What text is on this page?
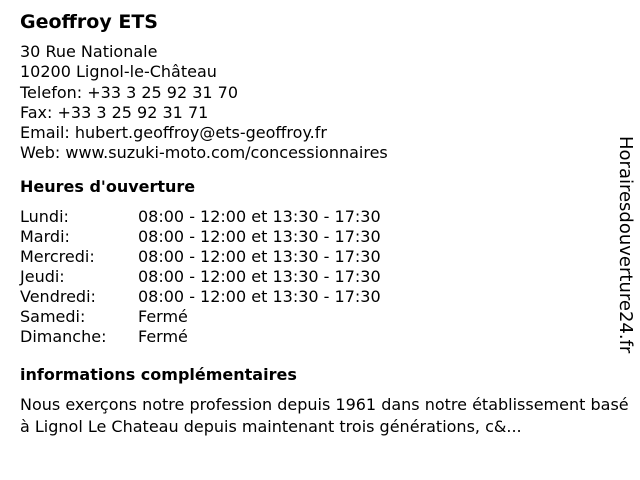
Geoffroy ETS
30 Rue Nationale
10200 Lignol-le-Château
Telefon: +33 3 25 92 31 70
Fax: +33 3 25 92 31 71
Email: hubert.geoffroy@ets-geoffroy.fr
Web: www.suzuki-moto.com/concessionnaires
Heures d'ouverture
Lundi:	08:00 - 12:00 et 13:30 - 17:30
Mardi:	08:00 - 12:00 et 13:30 - 17:30
Mercredi:	08:00 - 12:00 et 13:30 - 17:30
Jeudi:	08:00 - 12:00 et 13:30 - 17:30
Vendredi:	08:00 - 12:00 et 13:30 - 17:30
Samedi:	Fermé
Dimanche:	Fermé
informations complémentaires
Nous exerçons notre profession depuis 1961 dans notre établissement basé à Lignol Le Chateau depuis maintenant trois générations, c&...
Horairesdouverture24.fr
